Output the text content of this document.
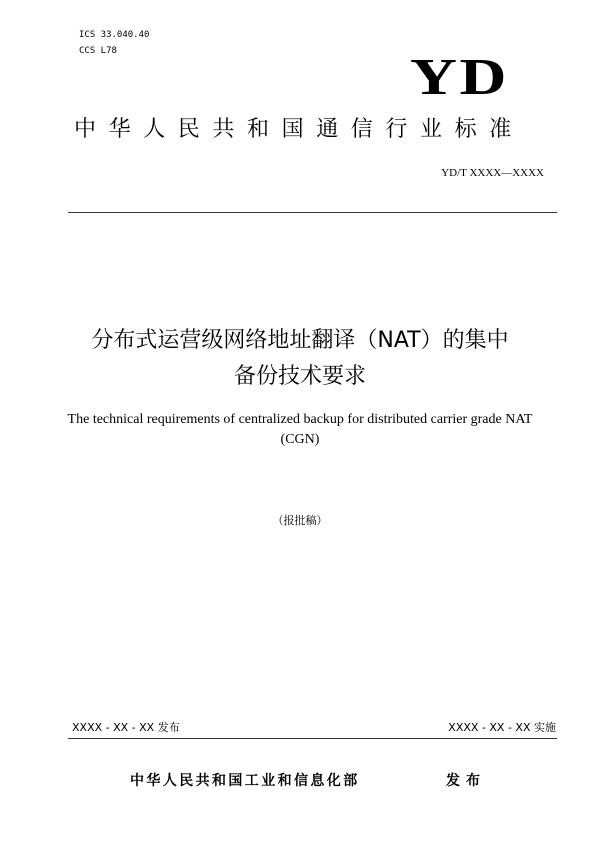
ICS 33.040.40
CCS L78	YD
中华人民共和国通信行业标准
YD/T XXXX—XXXX
分布式运营级网络地址翻译（NAT）的集中
备份技术要求
The technical requirements of centralized backup for distributed carrier grade NAT
(CGN)
（报批稿）
XXXX - XX - XX 发布	XXXX - XX - XX 实施
中华人民共和国工业和信息化部	发布
